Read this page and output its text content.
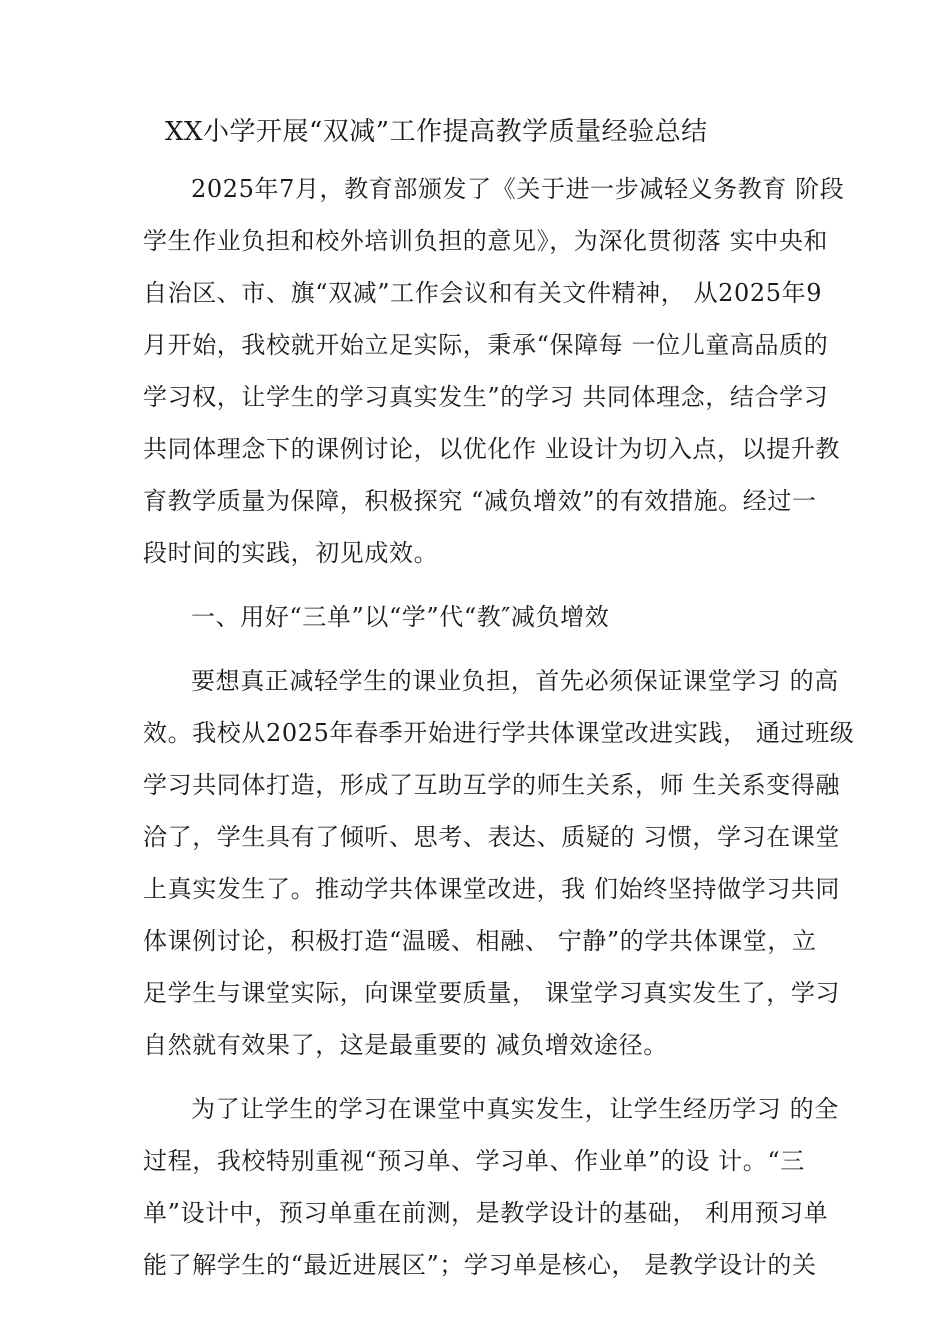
XX小学开展“双减”工作提高教学质量经验总结
2025年7月，教育部颁发了《关于进一步减轻义务教育 阶段
学生作业负担和校外培训负担的意见》，为深化贯彻落 实中央和
自治区、市、旗“双减”工作会议和有关文件精神， 从2025年9
月开始，我校就开始立足实际，秉承“保障每 一位儿童高品质的
学习权，让学生的学习真实发生”的学习 共同体理念，结合学习
共同体理念下的课例讨论，以优化作 业设计为切入点，以提升教
育教学质量为保障，积极探究 “减负增效”的有效措施。经过一
段时间的实践，初见成效。
一、用好“三单”以“学”代“教″减负增效
要想真正减轻学生的课业负担，首先必须保证课堂学习 的高
效。我校从2025年春季开始进行学共体课堂改进实践， 通过班级
学习共同体打造，形成了互助互学的师生关系，师 生关系变得融
洽了，学生具有了倾听、思考、表达、质疑的 习惯，学习在课堂
上真实发生了。推动学共体课堂改进，我 们始终坚持做学习共同
体课例讨论，积极打造“温暖、相融、 宁静”的学共体课堂，立
足学生与课堂实际，向课堂要质量， 课堂学习真实发生了，学习
自然就有效果了，这是最重要的 减负增效途径。
为了让学生的学习在课堂中真实发生，让学生经历学习 的全
过程，我校特别重视“预习单、学习单、作业单”的设 计。“三
单”设计中，预习单重在前测，是教学设计的基础， 利用预习单
能了解学生的“最近进展区”；学习单是核心， 是教学设计的关
